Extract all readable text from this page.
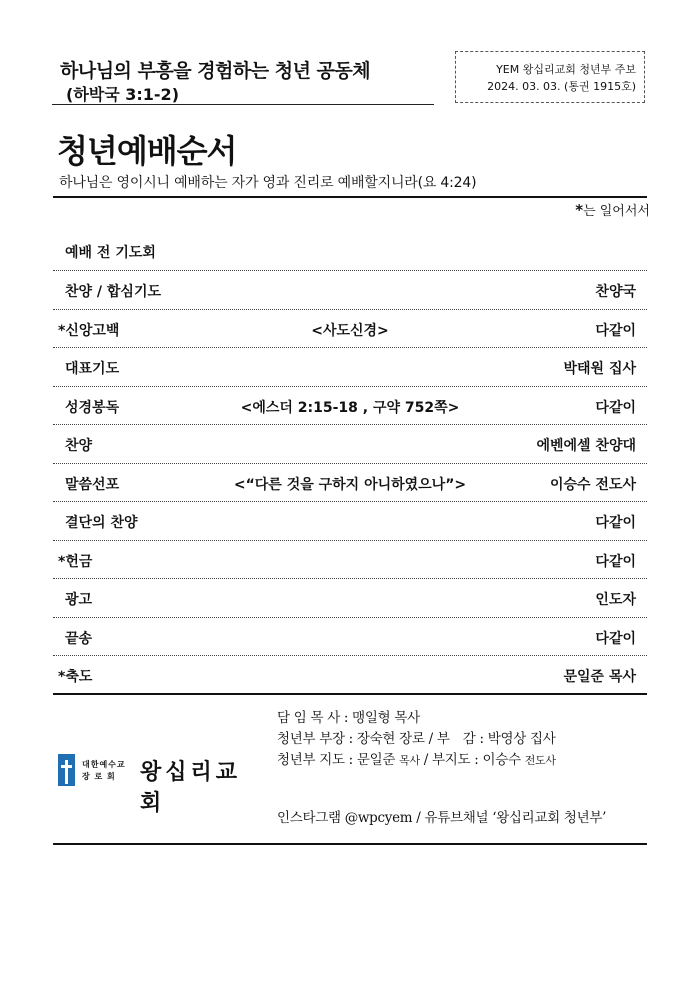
하나님의 부흥을 경험하는 청년 공동체
(하박국 3:1-2)
YEM 왕십리교회 청년부 주보
2024. 03. 03. (통권 1915호)
청년예배순서
하나님은 영이시니 예배하는 자가 영과 진리로 예배할지니라(요 4:24)
*는 일어서서
예배 전 기도회
찬양 / 합심기도	찬양국
*신앙고백	<사도신경>	다같이
대표기도	박태원 집사
성경봉독	<에스더 2:15-18 , 구약 752쪽>	다같이
찬양	에벤에셀 찬양대
말씀선포	<“다른 것을 구하지 아니하였으나”>	이승수 전도사
결단의 찬양	다같이
*헌금	다같이
광고	인도자
끝송	다같이
*축도	문일준 목사
대한예수교
장 로 회	왕십리교회
담 임 목 사 : 맹일형 목사
청년부 부장 : 장숙현 장로 / 부　감 : 박영상 집사
청년부 지도 : 문일준 목사 / 부지도 : 이승수 전도사
인스타그램 @wpcyem / 유튜브채널 ‘왕십리교회 청년부’
